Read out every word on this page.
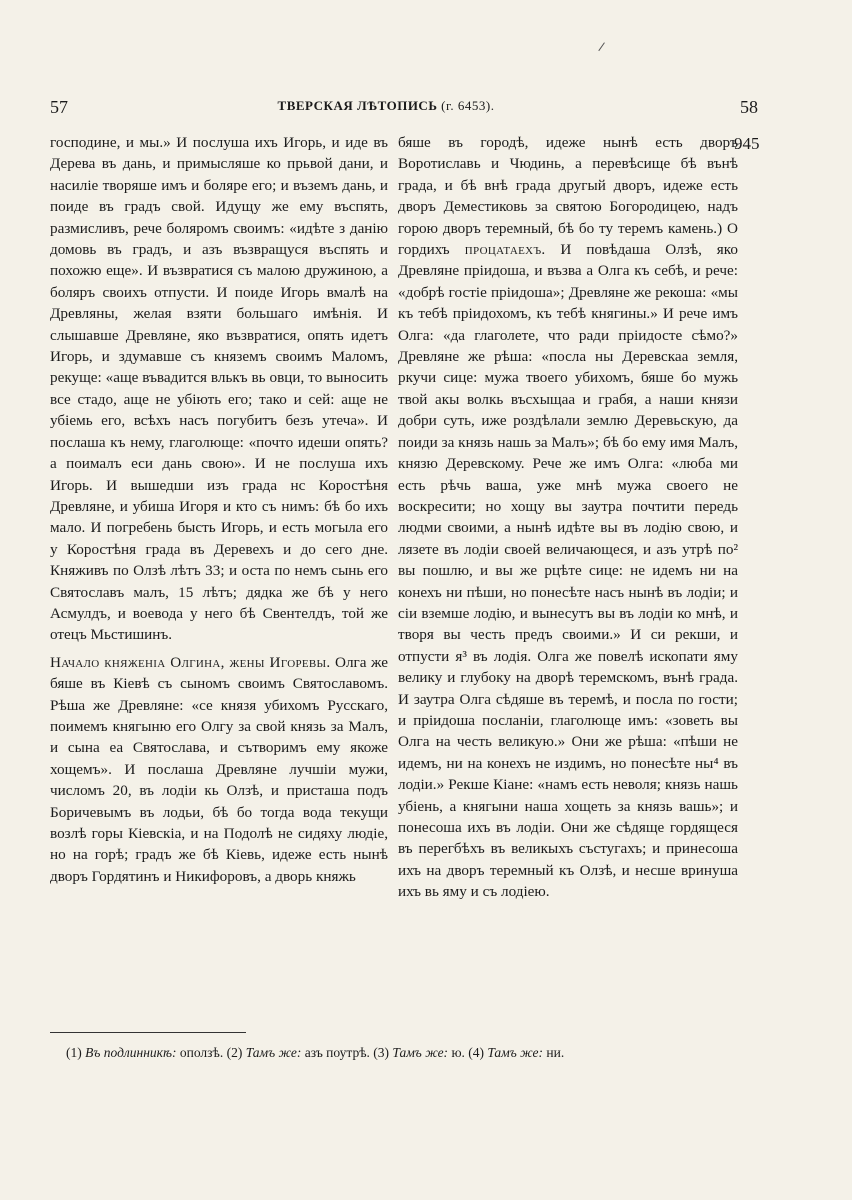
57	ТВЕРСКАЯ ЛѢТОПИСЬ (г. 6453).	58

господине, и мы.» И послуша ихъ Игорь, и иде въ Дерева въ дань, и примысляше ко прьвой дани, и насиліе творяше имъ и боляре его; и въземъ дань, и поиде въ градъ свой. Идущу же ему въспять, размисливъ, рече боляромъ своимъ: «идѣте з данію домовь въ градъ, и азъ възвращуся въспять и похожю еще». И възвратися съ малою дружиною, а боляръ своихъ отпусти. И поиде Игорь вмалѣ на Древляны, желая взяти большаго имѣнія. И слышавше Древляне, яко възвратися, опять идетъ Игорь, и здумавше съ княземъ своимъ Маломъ, рекуще: «аще въвадится влькъ вь овци, то выносить все стадо, аще не убіють его; тако и сей: аще не убіемь его, всѣхъ насъ погубитъ безъ утеча». И послаша къ нему, глаголюще: «почто идеши опять? а поималъ еси дань свою». И не послуша ихъ Игорь. И вышедши изъ града нс Коростѣня Древляне, и убиша Игоря и кто съ нимъ: бѣ бо ихъ мало. И погребень бысть Игорь, и есть могыла его у Коростѣня града въ Деревехъ и до сего дне. Княживъ по Олзѣ лѣтъ 33; и оста по немъ сынь его Святославъ малъ, 15 лѣтъ; дядка же бѣ у него Асмулдъ, и воевода у него бѣ Свентелдъ, той же отецъ Мьстишинъ.

Начало княженіа Олгина, жены Игоревы. Олга же бяше въ Кіевѣ съ сыномъ своимъ Святославомъ. Рѣша же Древляне: «се князя убихомъ Русскаго, поимемъ княгыню его Олгу за свой князь за Малъ, и сына еа Святослава, и сътворимъ ему якоже хощемъ». И послаша Древляне лучшіи мужи, числомъ 20, въ лодіи кь Олзѣ, и присташа подъ Боричевымъ въ лодьи, бѣ бо тогда вода текущи возлѣ горы Кіевскіа, и на Подолѣ не сидяху людіе, но на горѣ; градъ же бѣ Кіевь, идеже есть нынѣ дворъ Гордятинъ и Никифоровъ, а дворь княжь

945

бяше въ городѣ, идеже нынѣ есть дворъ Воротиславь и Чюдинь, а перевѣсище бѣ вънѣ града, и бѣ внѣ града другый дворъ, идеже есть дворъ Деместиковь за святою Богородицею, надъ горою дворъ теремный, бѣ бо ту теремъ камень.) О гордихъ процатаехъ. И повѣдаша Олзѣ, яко Древляне пріидоша, и възва а Олга къ себѣ, и рече: «добрѣ гостіе пріидоша»; Древляне же рекоша: «мы къ тебѣ пріидохомъ, къ тебѣ княгины.» И рече имъ Олга: «да глаголете, что ради пріидосте сѣмо?» Древляне же рѣша: «посла ны Деревскаа земля, ркучи сице: мужа твоего убихомъ, бяше бо мужь твой акы волкь въсхыщаа и грабя, а наши князи добри суть, иже роздѣлали землю Деревьскую, да поиди за князь нашь за Малъ»; бѣ бо ему имя Малъ, князю Деревскому. Рече же имъ Олга: «люба ми есть рѣчь ваша, уже мнѣ мужа своего не воскресити; но хощу вы заутра почтити передь людми своими, а нынѣ идѣте вы въ лодію свою, и лязете въ лодіи своей величающеся, и азъ утрѣ по² вы пошлю, и вы же рцѣте сице: не идемъ ни на конехъ ни пѣши, но понесѣте насъ нынѣ въ лодіи; и сіи вземше лодію, и вынесутъ вы въ лодіи ко мнѣ, и творя вы честь предъ своими.» И си рекши, и отпусти я³ въ лодія. Олга же повелѣ ископати яму велику и глубоку на дворѣ теремскомъ, вънѣ града. И заутра Олга сѣдяше въ теремѣ, и посла по гости; и пріидоша посланіи, глаголюще имъ: «зоветь вы Олга на честь великую.» Они же рѣша: «пѣши не идемъ, ни на конехъ не издимъ, но понесѣте ны⁴ въ лодіи.» Рекше Кіане: «намъ есть неволя; князь нашь убіень, а княгыни наша хощеть за князь вашь»; и понесоша ихъ въ лодіи. Они же сѣдяще гордящеся въ перегбѣхъ въ великыхъ състугахъ; и принесоша ихъ на дворъ теремный къ Олзѣ, и несше вринуша ихъ вь яму и съ лодіею.

(1) Въ подлинникѣ: оползѣ. (2) Тамъ же: азъ поутрѣ. (3) Тамъ же: ю. (4) Тамъ же: ни.
